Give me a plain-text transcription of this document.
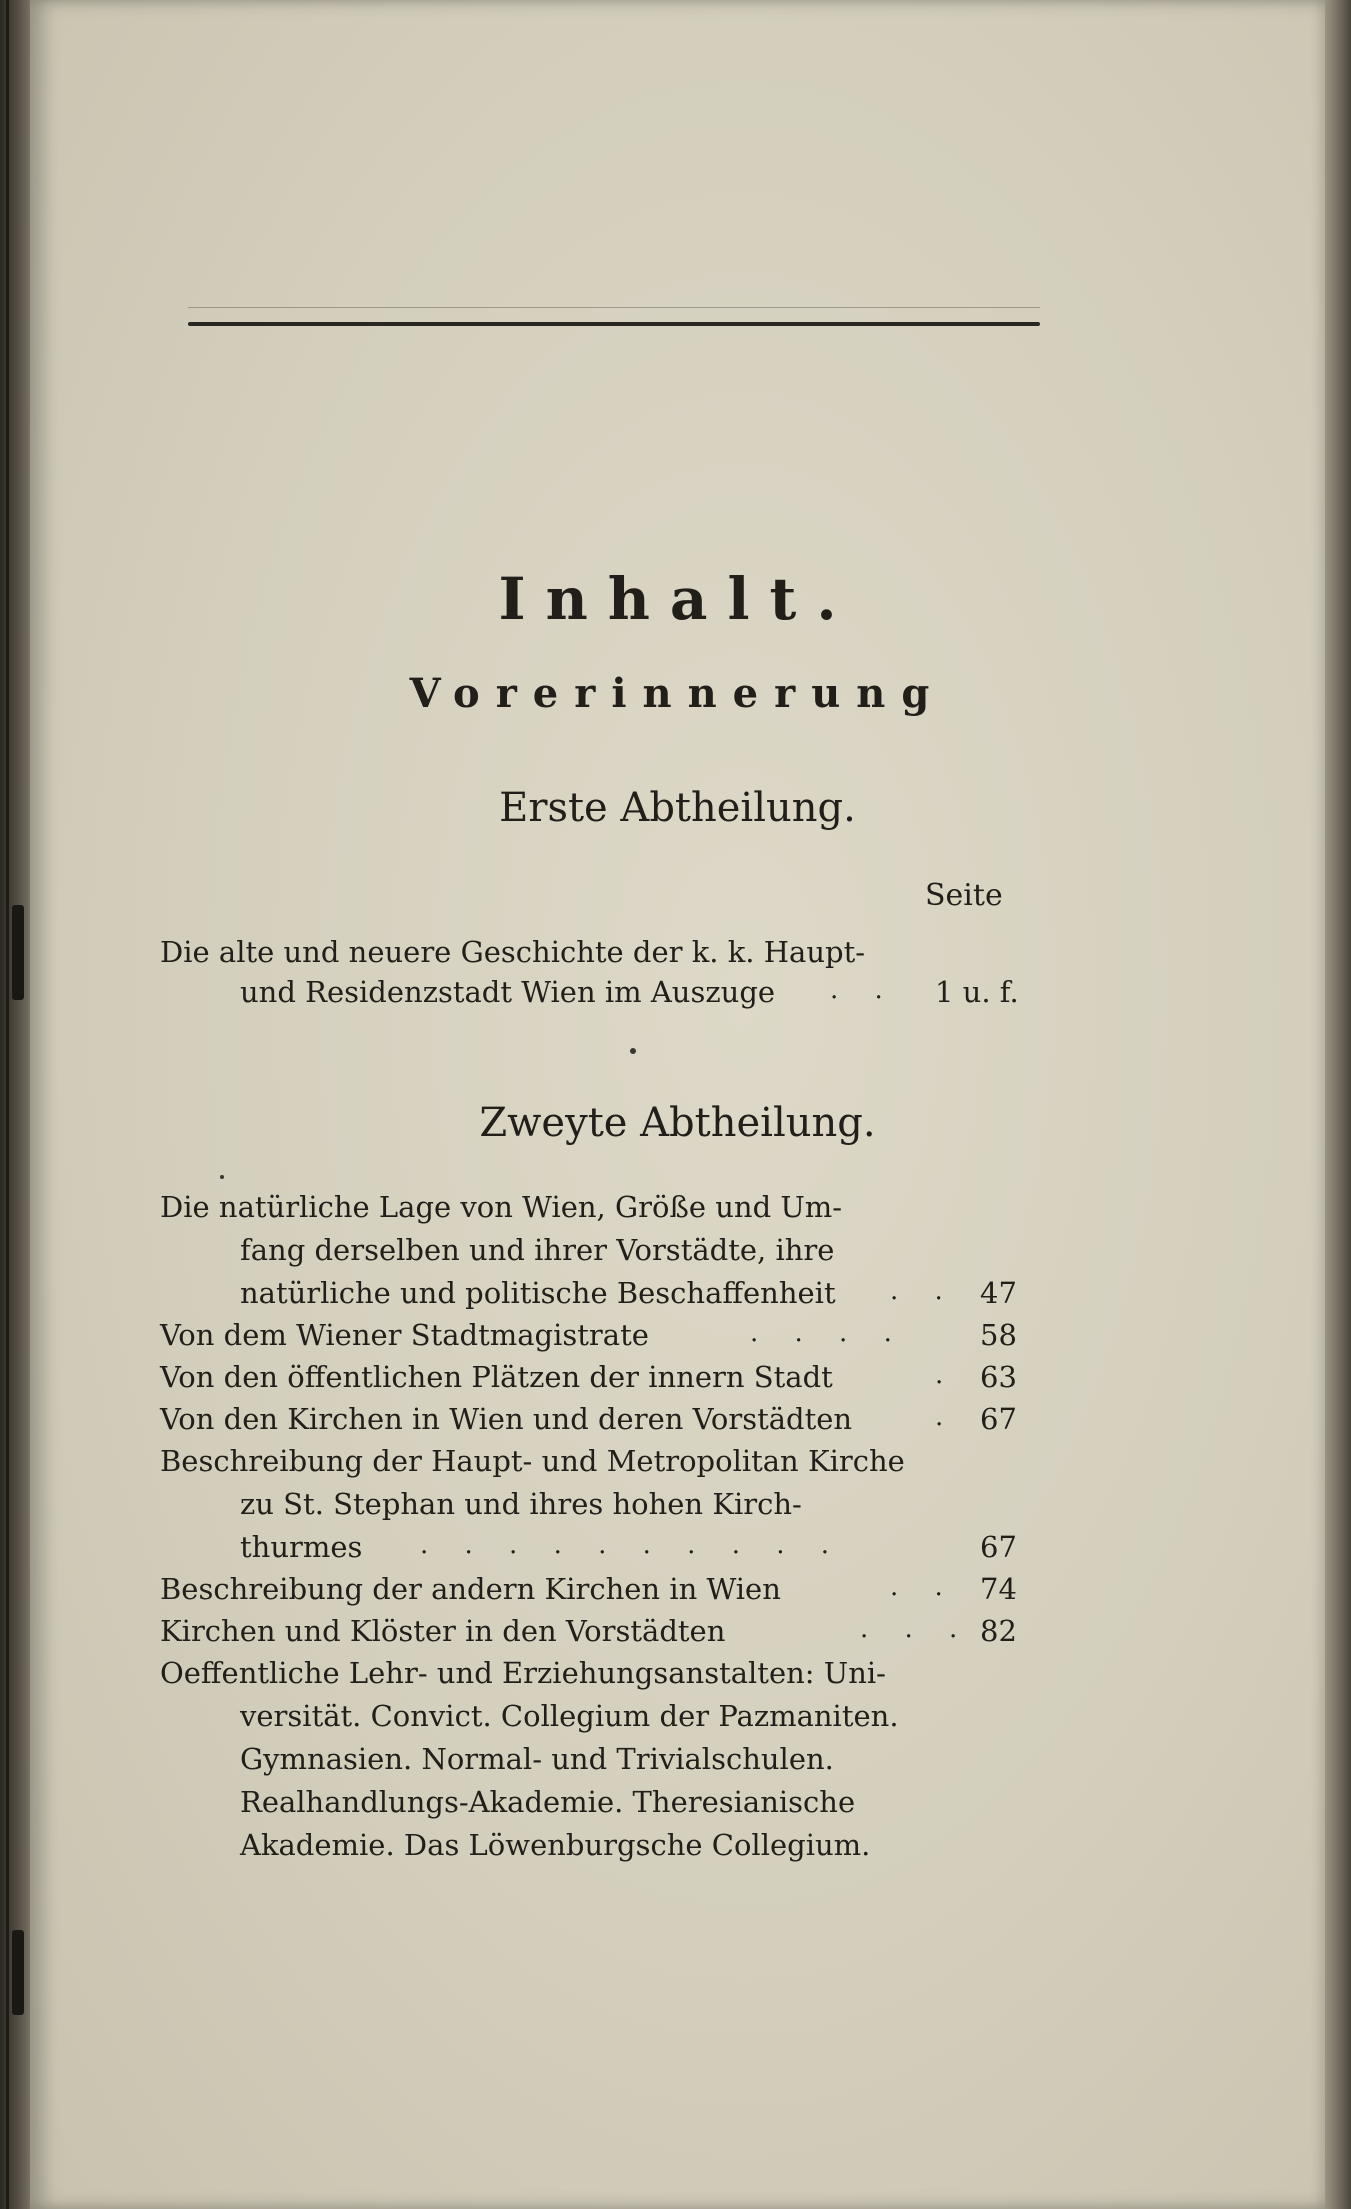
Inhalt.
Vorerinnerung
Erste Abtheilung.
Seite
Die alte und neuere Geschichte der k. k. Haupt-
und Residenzstadt Wien im Auszuge . . 1 u. f.
Zweyte Abtheilung.
Die natürliche Lage von Wien, Größe und Um-
fang derselben und ihrer Vorstädte, ihre
natürliche und politische Beschaffenheit . . 47
Von dem Wiener Stadtmagistrate	. . . .	58
Von den öffentlichen Plätzen der innern Stadt	. 63
Von den Kirchen in Wien und deren Vorstädten	. 67
Beschreibung der Haupt- und Metropolitan Kirche
zu St. Stephan und ihres hohen Kirch-
thurmes . . . . . . . . . .	67
Beschreibung der andern Kirchen in Wien	. . 74
Kirchen und Klöster in den Vorstädten	. . . 82
Oeffentliche Lehr- und Erziehungsanstalten: Uni-
versität. Convict. Collegium der Pazmaniten.
Gymnasien. Normal- und Trivialschulen.
Realhandlungs-Akademie. Theresianische
Akademie. Das Löwenburgsche Collegium.
